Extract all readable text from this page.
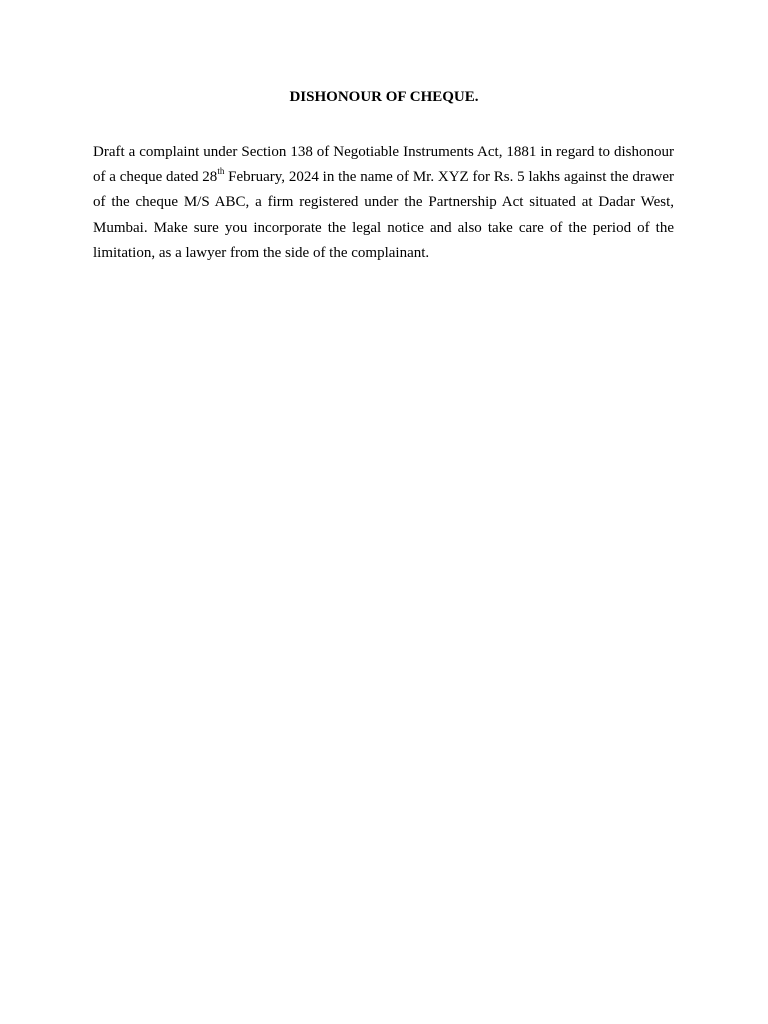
DISHONOUR OF CHEQUE.

Draft a complaint under Section 138 of Negotiable Instruments Act, 1881 in regard to dishonour of a cheque dated 28th February, 2024 in the name of Mr. XYZ for Rs. 5 lakhs against the drawer of the cheque M/S ABC, a firm registered under the Partnership Act situated at Dadar West, Mumbai. Make sure you incorporate the legal notice and also take care of the period of the limitation, as a lawyer from the side of the complainant.
